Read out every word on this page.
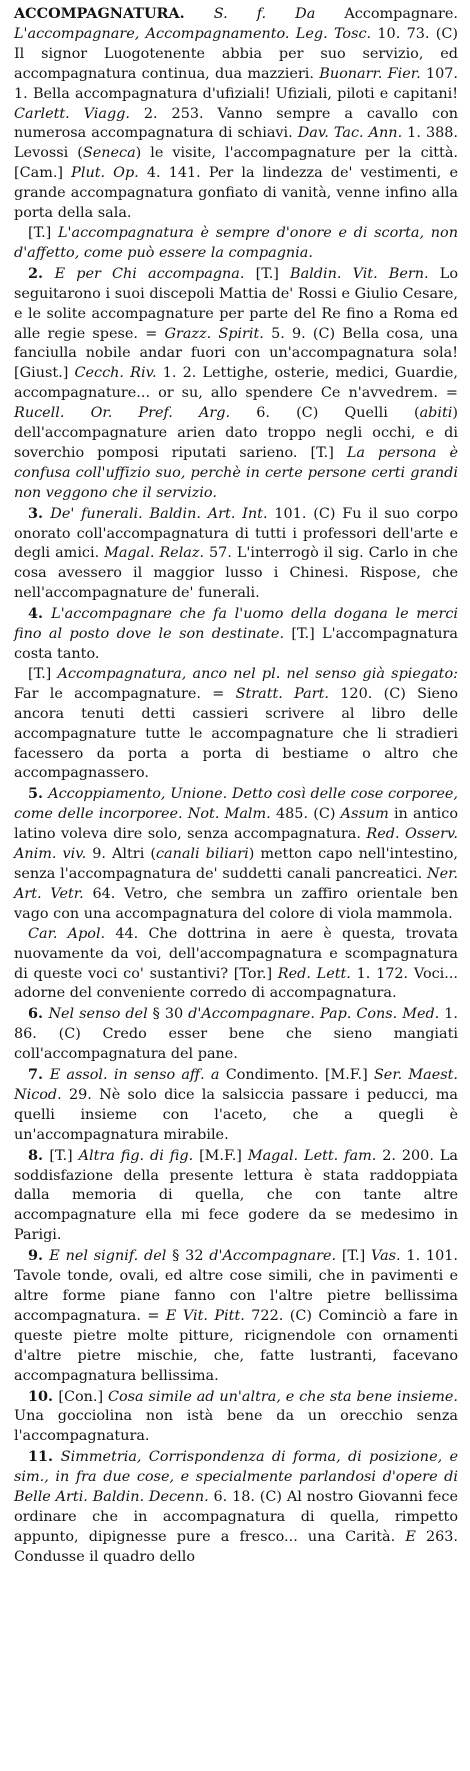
ACCOMPAGNATURA. S. f. Da Accompagnare. L'accompagnare, Accompagnamento. Leg. Tosc. 10. 73. (C) Il signor Luogotenente abbia per suo servizio, ed accompagnatura continua, dua mazzieri. Buonarr. Fier. 107. 1. Bella accompagnatura d'ufiziali! Ufiziali, piloti e capitani! Carlett. Viagg. 2. 253. Vanno sempre a cavallo con numerosa accompagnatura di schiavi. Dav. Tac. Ann. 1. 388. Levossi (Seneca) le visite, l'accompagnature per la città. [Cam.] Plut. Op. 4. 141. Per la lindezza de' vestimenti, e grande accompagnatura gonfiato di vanità, venne infino alla porta della sala.

[T.] L'accompagnatura è sempre d'onore e di scorta, non d'affetto, come può essere la compagnia.

2. E per Chi accompagna. [T.] Baldin. Vit. Bern. Lo seguitarono i suoi discepoli Mattia de' Rossi e Giulio Cesare, e le solite accompagnature per parte del Re fino a Roma ed alle regie spese. = Grazz. Spirit. 5. 9. (C) Bella cosa, una fanciulla nobile andar fuori con un'accompagnatura sola! [Giust.] Cecch. Riv. 1. 2. Lettighe, osterie, medici, Guardie, accompagnature... or su, allo spendere Ce n'avvedrem. = Rucell. Or. Pref. Arg. 6. (C) Quelli (abiti) dell'accompagnature arien dato troppo negli occhi, e di soverchio pomposi riputati sarieno. [T.] La persona è confusa coll'uffizio suo, perchè in certe persone certi grandi non veggono che il servizio.

3. De' funerali. Baldin. Art. Int. 101. (C) Fu il suo corpo onorato coll'accompagnatura di tutti i professori dell'arte e degli amici. Magal. Relaz. 57. L'interrogò il sig. Carlo in che cosa avessero il maggior lusso i Chinesi. Rispose, che nell'accompagnature de' funerali.

4. L'accompagnare che fa l'uomo della dogana le merci fino al posto dove le son destinate. [T.] L'accompagnatura costa tanto.

[T.] Accompagnatura, anco nel pl. nel senso già spiegato: Far le accompagnature. = Stratt. Part. 120. (C) Sieno ancora tenuti detti cassieri scrivere al libro delle accompagnature tutte le accompagnature che li stradieri facessero da porta a porta di bestiame o altro che accompagnassero.

5. Accoppiamento, Unione. Detto così delle cose corporee, come delle incorporee. Not. Malm. 485. (C) Assum in antico latino voleva dire solo, senza accompagnatura. Red. Osserv. Anim. viv. 9. Altri (canali biliari) metton capo nell'intestino, senza l'accompagnatura de' suddetti canali pancreatici. Ner. Art. Vetr. 64. Vetro, che sembra un zaffiro orientale ben vago con una accompagnatura del colore di viola mammola.

Car. Apol. 44. Che dottrina in aere è questa, trovata nuovamente da voi, dell'accompagnatura e scompagnatura di queste voci co' sustantivi? [Tor.] Red. Lett. 1. 172. Voci... adorne del conveniente corredo di accompagnatura.

6. Nel senso del § 30 d'Accompagnare. Pap. Cons. Med. 1. 86. (C) Credo esser bene che sieno mangiati coll'accompagnatura del pane.

7. E assol. in senso aff. a Condimento. [M.F.] Ser. Maest. Nicod. 29. Nè solo dice la salsiccia passare i peducci, ma quelli insieme con l'aceto, che a quegli è un'accompagnatura mirabile.

8. [T.] Altra fig. di fig. [M.F.] Magal. Lett. fam. 2. 200. La soddisfazione della presente lettura è stata raddoppiata dalla memoria di quella, che con tante altre accompagnature ella mi fece godere da se medesimo in Parigi.

9. E nel signif. del § 32 d'Accompagnare. [T.] Vas. 1. 101. Tavole tonde, ovali, ed altre cose simili, che in pavimenti e altre forme piane fanno con l'altre pietre bellissima accompagnatura. = E Vit. Pitt. 722. (C) Cominciò a fare in queste pietre molte pitture, ricignendole con ornamenti d'altre pietre mischie, che, fatte lustranti, facevano accompagnatura bellissima.

10. [Con.] Cosa simile ad un'altra, e che sta bene insieme. Una gocciolina non istà bene da un orecchio senza l'accompagnatura.

11. Simmetria, Corrispondenza di forma, di posizione, e sim., in fra due cose, e specialmente parlandosi d'opere di Belle Arti. Baldin. Decenn. 6. 18. (C) Al nostro Giovanni fece ordinare che in accompagnatura di quella, rimpetto appunto, dipignesse pure a fresco... una Carità. E 263. Condusse il quadro dello
